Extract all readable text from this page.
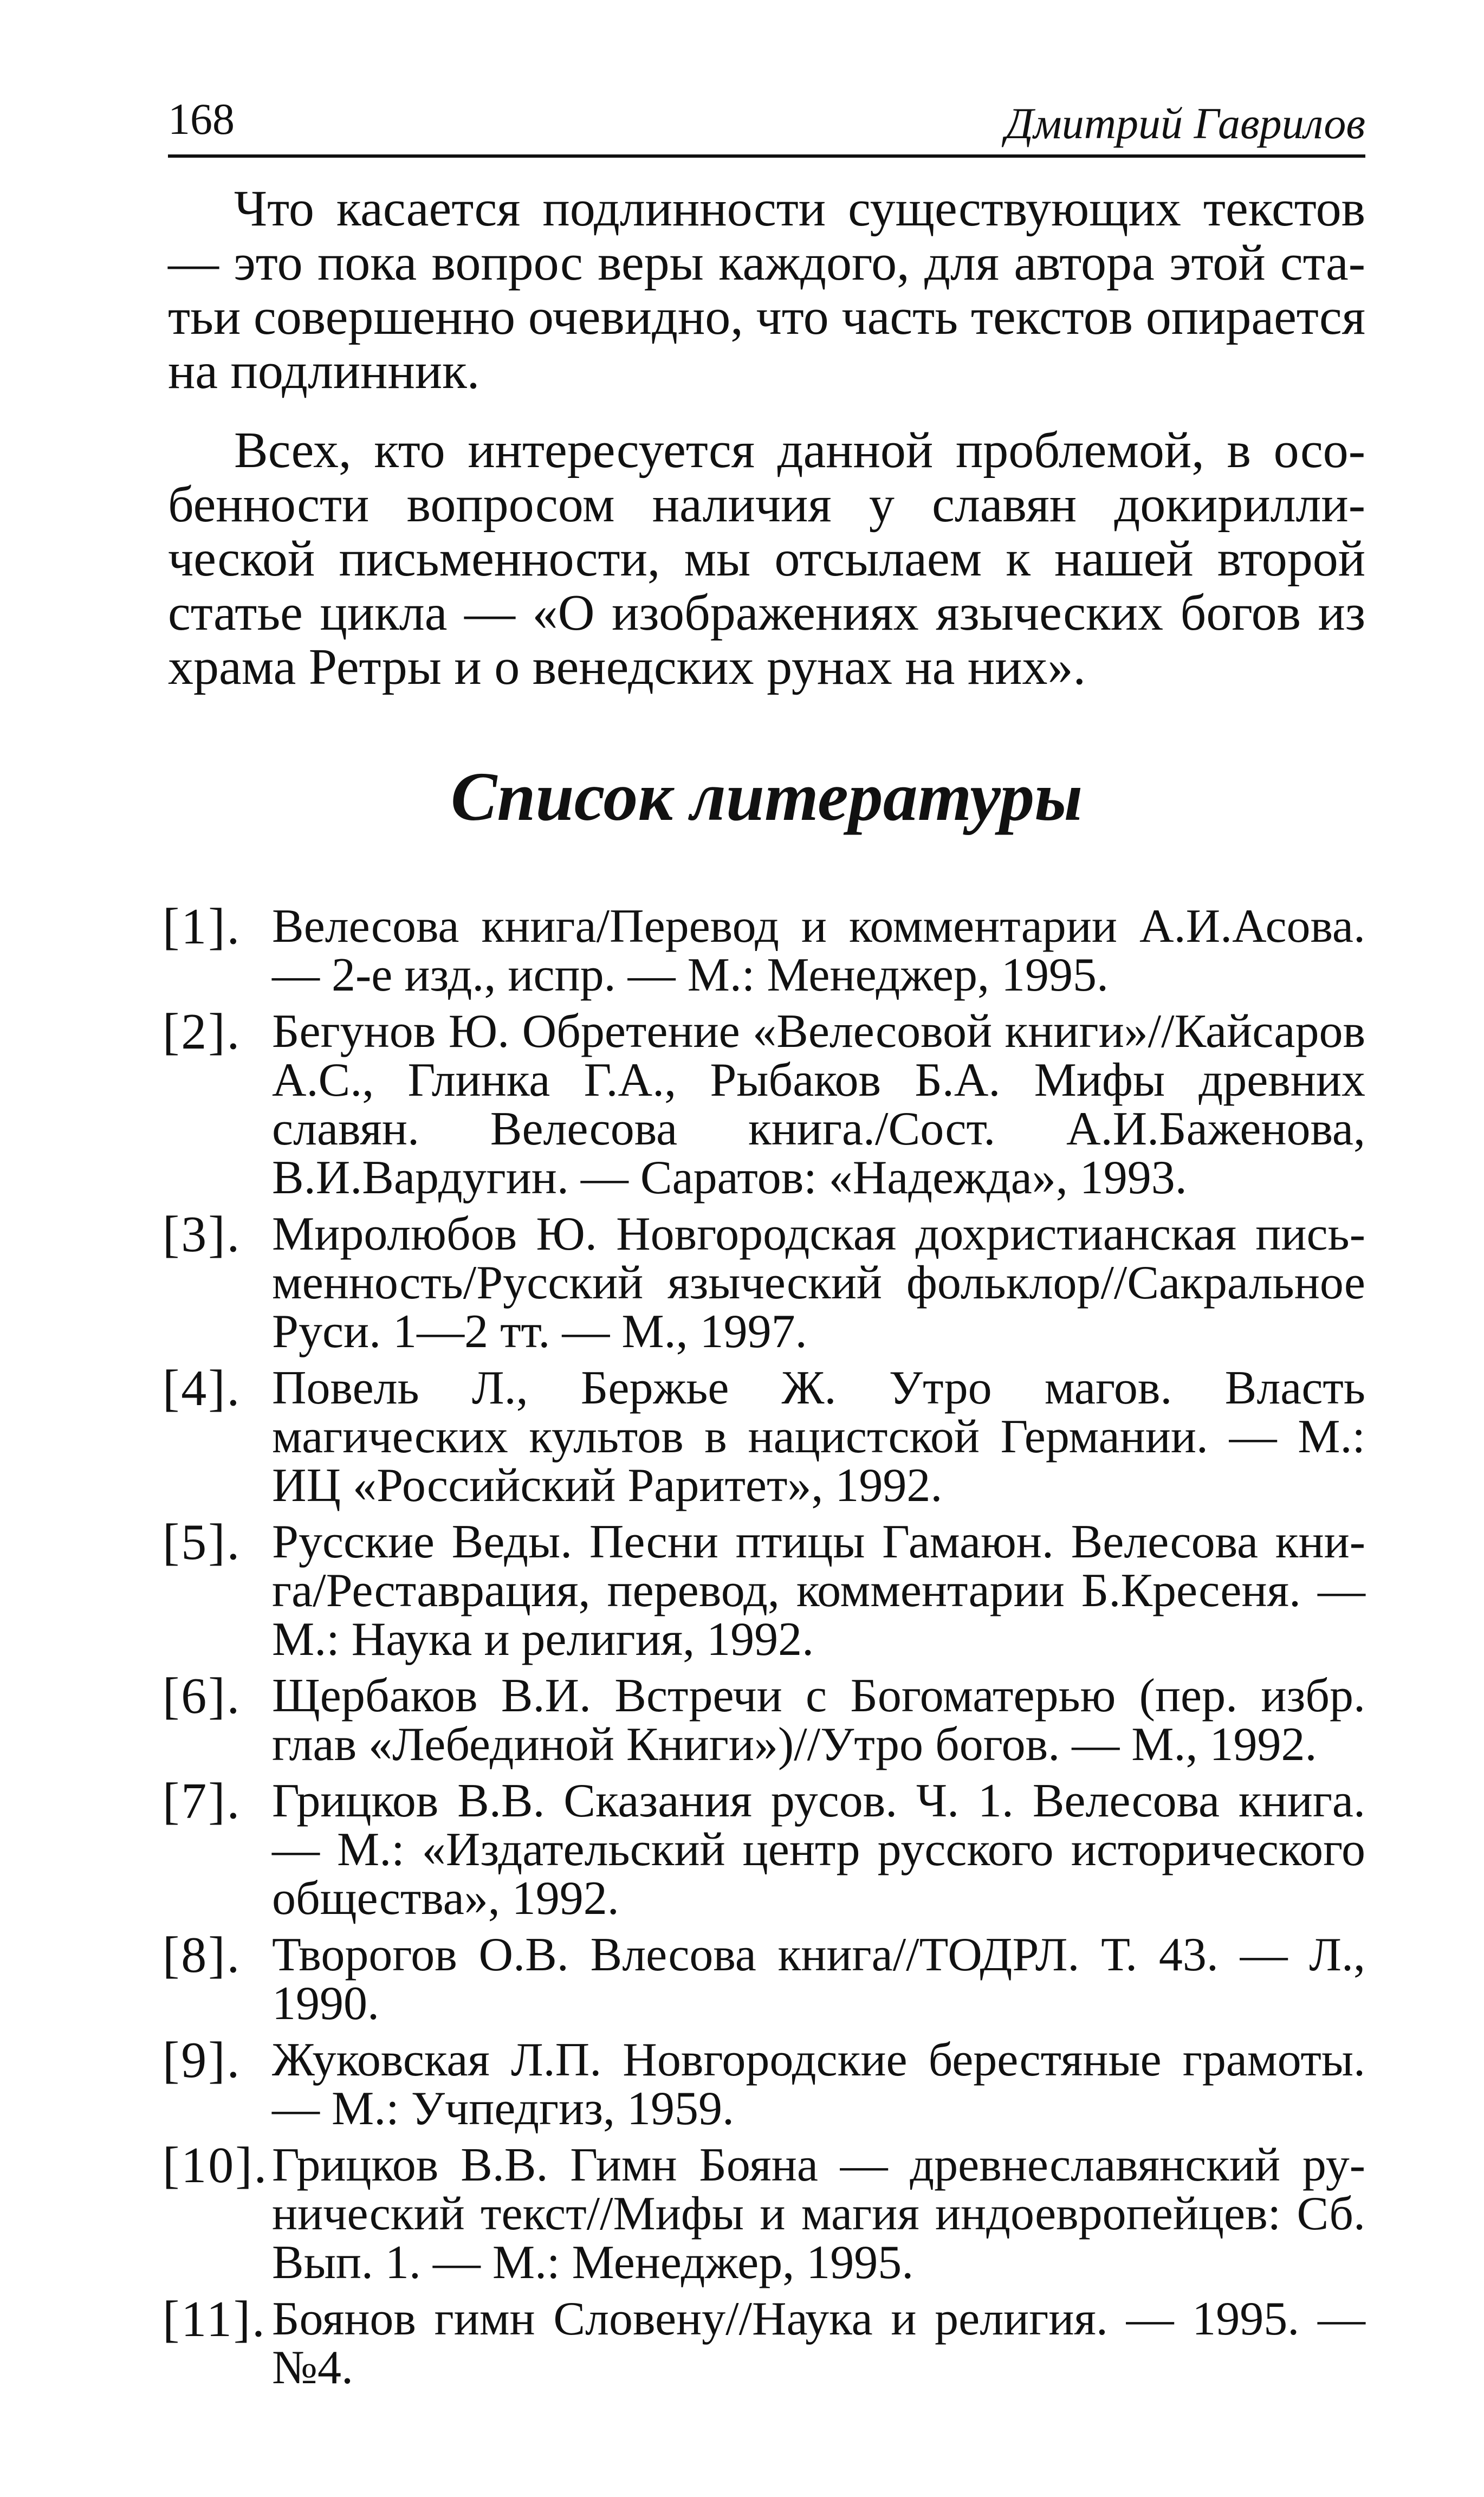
168	Дмитрий Гаврилов

Что касается подлинности существующих текстов — это пока вопрос веры каждого, для автора этой статьи совершенно очевидно, что часть текстов опирается на подлинник.

Всех, кто интересуется данной проблемой, в особенности вопросом наличия у славян докириллической письменности, мы отсылаем к нашей второй статье цикла — «О изображениях языческих богов из храма Ретры и о венедских рунах на них».

Список литературы
[1]. Велесова книга/Перевод и комментарии А.И.Асова. — 2-е изд., испр. — М.: Менеджер, 1995.
[2]. Бегунов Ю. Обретение «Велесовой книги»//Кайсаров А.С., Глинка Г.А., Рыбаков Б.А. Мифы древних славян. Велесова книга./Сост. А.И.Баженова, В.И.Вардугин. — Саратов: «Надежда», 1993.
[3]. Миролюбов Ю. Новгородская дохристианская письменность/Русский языческий фольклор//Сакральное Руси. 1—2 тт. — М., 1997.
[4]. Повель Л., Бержье Ж. Утро магов. Власть магических культов в нацистской Германии. — М.: ИЦ «Российский Раритет», 1992.
[5]. Русские Веды. Песни птицы Гамаюн. Велесова книга/Реставрация, перевод, комментарии Б.Кресеня. — М.: Наука и религия, 1992.
[6]. Щербаков В.И. Встречи с Богоматерью (пер. избр. глав «Лебединой Книги»)//Утро богов. — М., 1992.
[7]. Грицков В.В. Сказания русов. Ч. 1. Велесова книга. — М.: «Издательский центр русского исторического общества», 1992.
[8]. Творогов О.В. Влесова книга//ТОДРЛ. Т. 43. — Л., 1990.
[9]. Жуковская Л.П. Новгородские берестяные грамоты. — М.: Учпедгиз, 1959.
[10]. Грицков В.В. Гимн Бояна — древнеславянский рунический текст//Мифы и магия индоевропейцев: Сб. Вып. 1. — М.: Менеджер, 1995.
[11]. Боянов гимн Словену//Наука и религия. — 1995. — №4.
